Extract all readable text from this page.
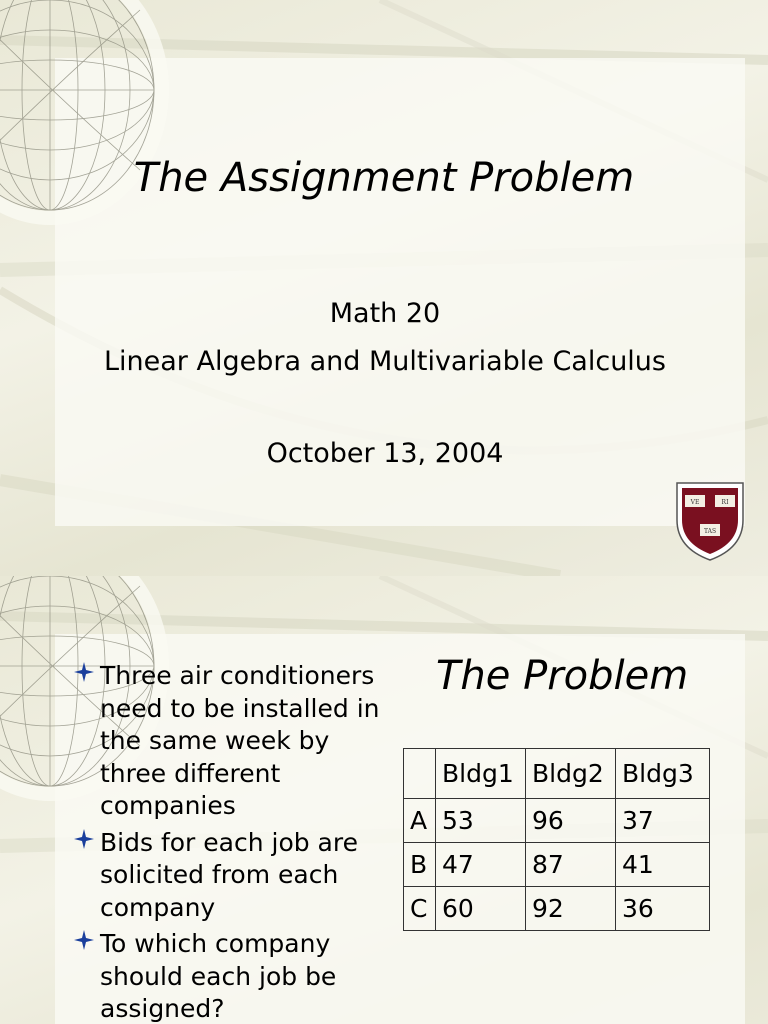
The Assignment Problem
Math 20
Linear Algebra and Multivariable Calculus
October 13, 2004
VE	RI
TAS
The Problem
Three air conditioners need to be installed in the same week by three different companies
Bids for each job are solicited from each company
To which company should each job be assigned?
	Bldg1	Bldg2	Bldg3
A	53	96	37
B	47	87	41
C	60	92	36
